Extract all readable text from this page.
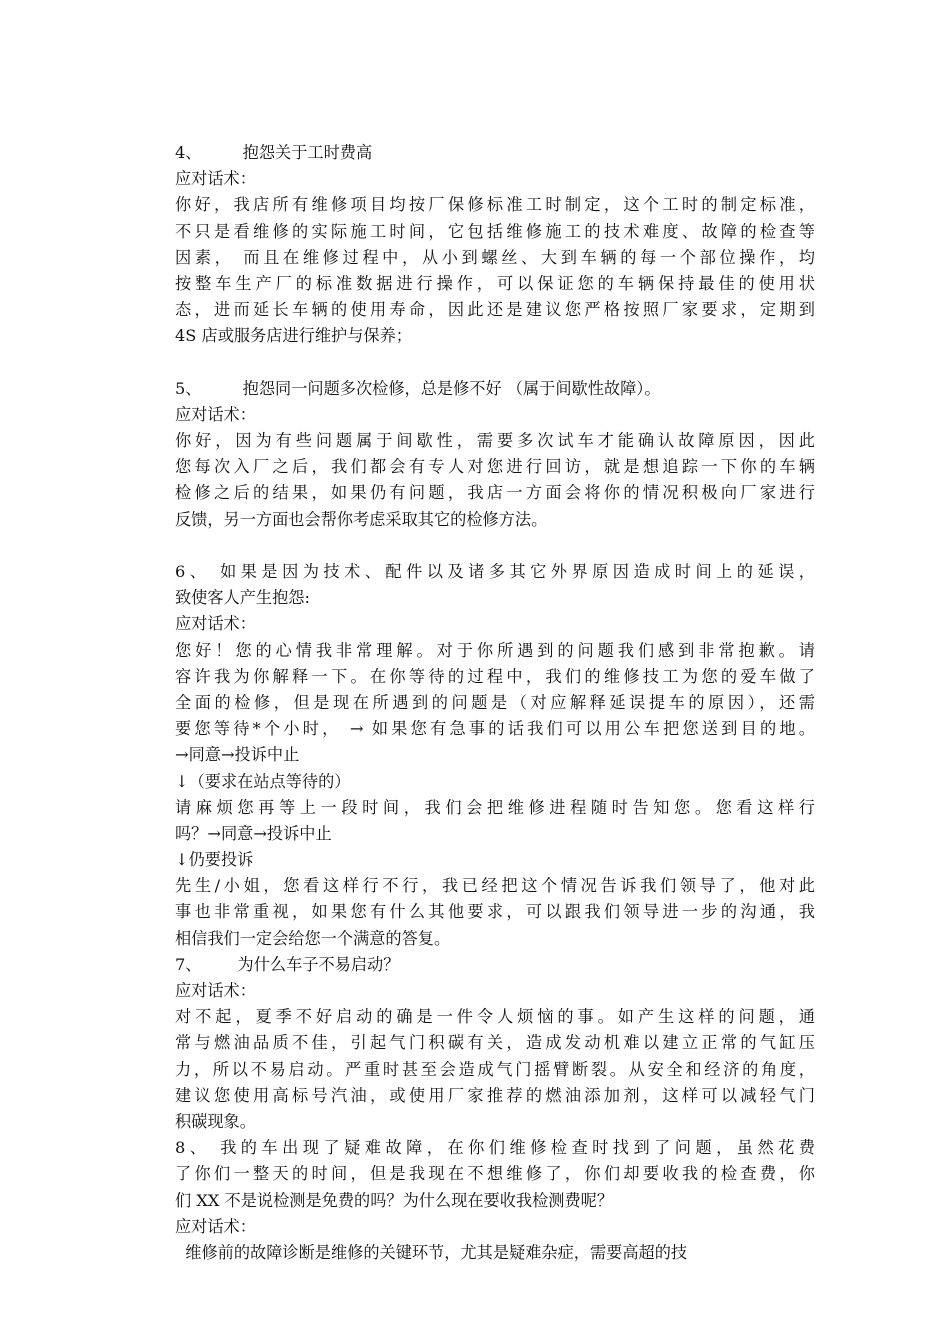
4、        抱怨关于工时费高
应对话术：
你好，我店所有维修项目均按厂保修标准工时制定，这个工时的制定标准，
不只是看维修的实际施工时间，它包括维修施工的技术难度、故障的检查等
因素， 而且在维修过程中，从小到螺丝、大到车辆的每一个部位操作，均
按整车生产厂的标准数据进行操作，可以保证您的车辆保持最佳的使用状
态，进而延长车辆的使用寿命，因此还是建议您严格按照厂家要求，定期到
4S 店或服务店进行维护与保养；
5、        抱怨同一问题多次检修，总是修不好 （属于间歇性故障）。
应对话术：
你好，因为有些问题属于间歇性，需要多次试车才能确认故障原因，因此
您每次入厂之后，我们都会有专人对您进行回访，就是想追踪一下你的车辆
检修之后的结果，如果仍有问题，我店一方面会将你的情况积极向厂家进行
反馈，另一方面也会帮你考虑采取其它的检修方法。
6、 如果是因为技术、配件以及诸多其它外界原因造成时间上的延误，
致使客人产生抱怨:
应对话术：
您好！您的心情我非常理解。对于你所遇到的问题我们感到非常抱歉。请
容许我为你解释一下。在你等待的过程中，我们的维修技工为您的爱车做了
全面的检修，但是现在所遇到的问题是（对应解释延误提车的原因），还需
要您等待*个小时， → 如果您有急事的话我们可以用公车把您送到目的地。
→同意→投诉中止
↓（要求在站点等待的）
请麻烦您再等上一段时间，我们会把维修进程随时告知您。您看这样行
吗？→同意→投诉中止
↓仍要投诉
先生/小姐，您看这样行不行，我已经把这个情况告诉我们领导了，他对此
事也非常重视，如果您有什么其他要求，可以跟我们领导进一步的沟通，我
相信我们一定会给您一个满意的答复。
7、       为什么车子不易启动？
应对话术：
对不起，夏季不好启动的确是一件令人烦恼的事。如产生这样的问题，通
常与燃油品质不佳，引起气门积碳有关，造成发动机难以建立正常的气缸压
力，所以不易启动。严重时甚至会造成气门摇臂断裂。从安全和经济的角度，
建议您使用高标号汽油，或使用厂家推荐的燃油添加剂，这样可以减轻气门
积碳现象。
8、 我的车出现了疑难故障，在你们维修检查时找到了问题，虽然花费
了你们一整天的时间，但是我现在不想维修了，你们却要收我的检查费，你
们 XX 不是说检测是免费的吗？为什么现在要收我检测费呢？
应对话术：
维修前的故障诊断是维修的关键环节，尤其是疑难杂症，需要高超的技
